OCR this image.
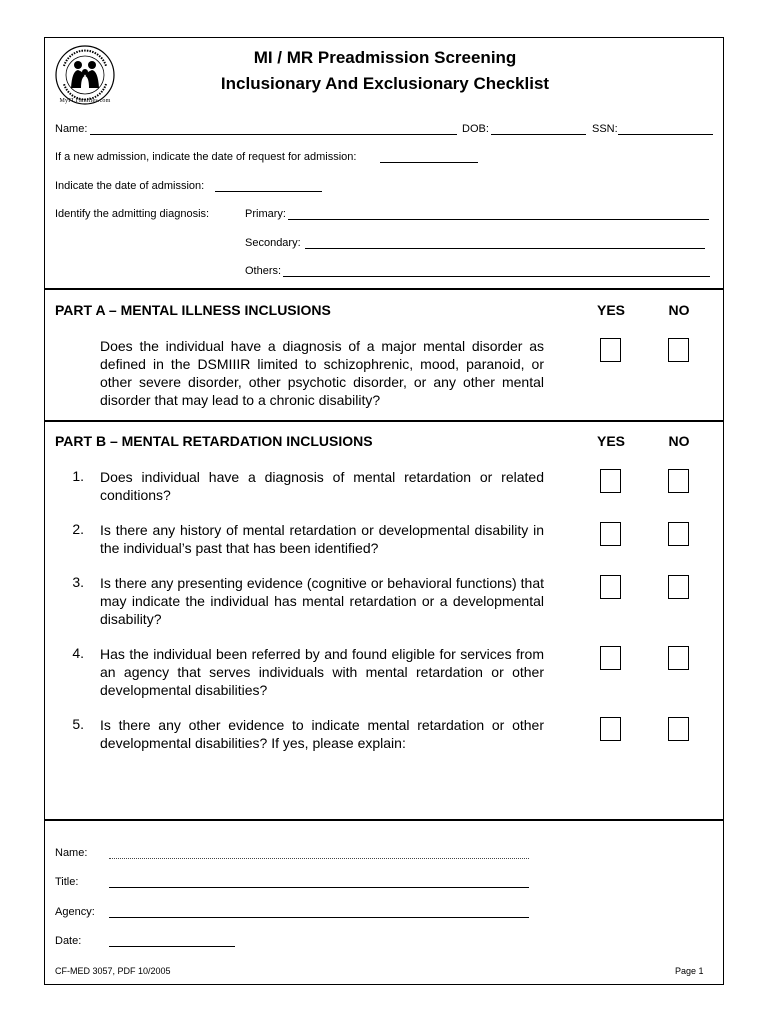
MyFLFamilies.com
MI / MR Preadmission Screening
Inclusionary And Exclusionary Checklist
Name:	DOB:	SSN:
If a new admission, indicate the date of request for admission:
Indicate the date of admission:
Identify the admitting diagnosis:	Primary:
Secondary:
Others:
PART A – MENTAL ILLNESS INCLUSIONS	YES	NO
Does the individual have a diagnosis of a major mental disorder as defined in the DSMIIIR limited to schizophrenic, mood, paranoid, or other severe disorder, other psychotic disorder, or any other mental disorder that may lead to a chronic disability?
PART B – MENTAL RETARDATION INCLUSIONS	YES	NO
1. Does individual have a diagnosis of mental retardation or related conditions?
2. Is there any history of mental retardation or developmental disability in the individual’s past that has been identified?
3. Is there any presenting evidence (cognitive or behavioral functions) that may indicate the individual has mental retardation or a developmental disability?
4. Has the individual been referred by and found eligible for services from an agency that serves individuals with mental retardation or other developmental disabilities?
5. Is there any other evidence to indicate mental retardation or other developmental disabilities? If yes, please explain:
Name:
Title:
Agency:
Date:
CF-MED 3057, PDF 10/2005	Page 1
